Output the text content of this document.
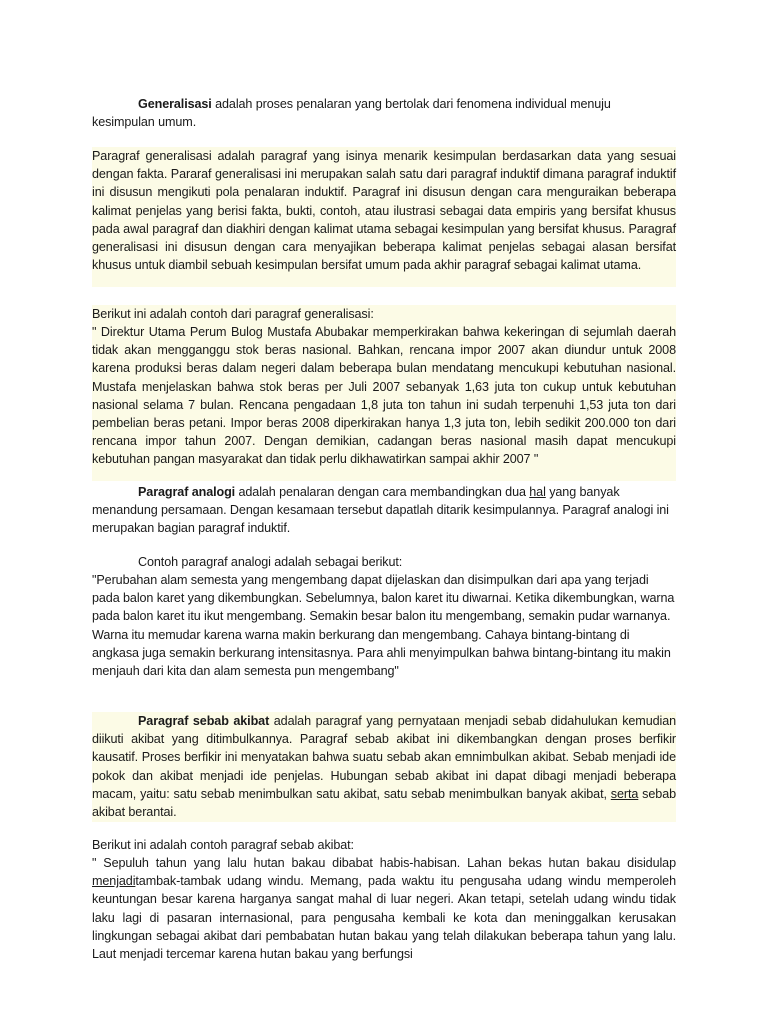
Generalisasi adalah proses penalaran yang bertolak dari fenomena individual menuju kesimpulan umum.

Paragraf generalisasi adalah paragraf yang isinya menarik kesimpulan berdasarkan data yang sesuai dengan fakta. Pararaf generalisasi ini merupakan salah satu dari paragraf induktif dimana paragraf induktif ini disusun mengikuti pola penalaran induktif. Paragraf ini disusun dengan cara menguraikan beberapa kalimat penjelas yang berisi fakta, bukti, contoh, atau ilustrasi sebagai data empiris yang bersifat khusus pada awal paragraf dan diakhiri dengan kalimat utama sebagai kesimpulan yang bersifat khusus. Paragraf generalisasi ini disusun dengan cara menyajikan beberapa kalimat penjelas sebagai alasan bersifat khusus untuk diambil sebuah kesimpulan bersifat umum pada akhir paragraf sebagai kalimat utama.

Berikut ini adalah contoh dari paragraf generalisasi:

" Direktur Utama Perum Bulog Mustafa Abubakar memperkirakan bahwa kekeringan di sejumlah daerah tidak akan mengganggu stok beras nasional. Bahkan, rencana impor 2007 akan diundur untuk 2008 karena produksi beras dalam negeri dalam beberapa bulan mendatang mencukupi kebutuhan nasional. Mustafa menjelaskan bahwa stok beras per Juli 2007 sebanyak 1,63 juta ton cukup untuk kebutuhan nasional selama 7 bulan. Rencana pengadaan 1,8 juta ton tahun ini sudah terpenuhi 1,53 juta ton dari pembelian beras petani. Impor beras 2008 diperkirakan hanya 1,3 juta ton, lebih sedikit 200.000 ton dari rencana impor tahun 2007. Dengan demikian, cadangan beras nasional masih dapat mencukupi kebutuhan pangan masyarakat dan tidak perlu dikhawatirkan sampai akhir 2007 "

Paragraf analogi adalah penalaran dengan cara membandingkan dua hal yang banyak menandung persamaan. Dengan kesamaan tersebut dapatlah ditarik kesimpulannya. Paragraf analogi ini merupakan bagian paragraf induktif.

Contoh paragraf analogi adalah sebagai berikut:

"Perubahan alam semesta yang mengembang dapat dijelaskan dan disimpulkan dari apa yang terjadi pada balon karet yang dikembungkan. Sebelumnya, balon karet itu diwarnai. Ketika dikembungkan, warna pada balon karet itu ikut mengembang. Semakin besar balon itu mengembang, semakin pudar warnanya. Warna itu memudar karena warna makin berkurang dan mengembang. Cahaya bintang-bintang di angkasa juga semakin berkurang intensitasnya. Para ahli menyimpulkan bahwa bintang-bintang itu makin menjauh dari kita dan alam semesta pun mengembang"

Paragraf sebab akibat adalah paragraf yang pernyataan menjadi sebab didahulukan kemudian diikuti akibat yang ditimbulkannya. Paragraf sebab akibat ini dikembangkan dengan proses berfikir kausatif. Proses berfikir ini menyatakan bahwa suatu sebab akan emnimbulkan akibat. Sebab menjadi ide pokok dan akibat menjadi ide penjelas. Hubungan sebab akibat ini dapat dibagi menjadi beberapa macam, yaitu: satu sebab menimbulkan satu akibat, satu sebab menimbulkan banyak akibat, serta sebab akibat berantai.

Berikut ini adalah contoh paragraf sebab akibat:

" Sepuluh tahun yang lalu hutan bakau dibabat habis-habisan. Lahan bekas hutan bakau disidulap menjaditambak-tambak udang windu. Memang, pada waktu itu pengusaha udang windu memperoleh keuntungan besar karena harganya sangat mahal di luar negeri. Akan tetapi, setelah udang windu tidak laku lagi di pasaran internasional, para pengusaha kembali ke kota dan meninggalkan kerusakan lingkungan sebagai akibat dari pembabatan hutan bakau yang telah dilakukan beberapa tahun yang lalu. Laut menjadi tercemar karena hutan bakau yang berfungsi
